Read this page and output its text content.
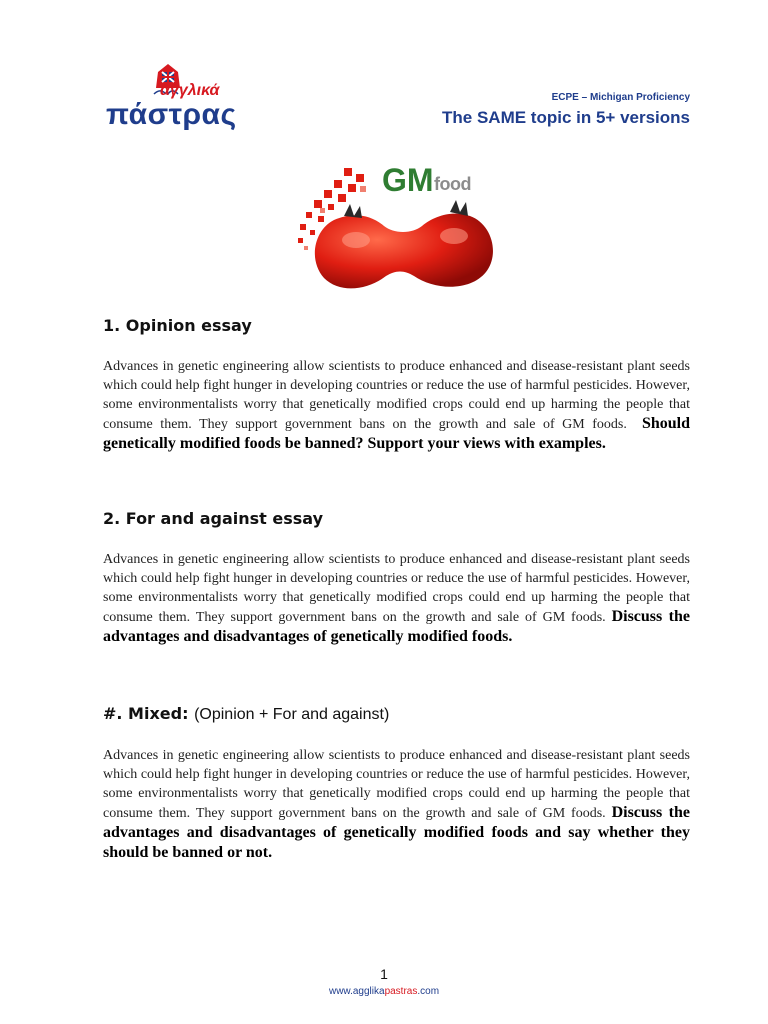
αγγλικά
πάστρας
ECPE – Michigan Proficiency
The SAME topic in 5+ versions
GM food
1. Opinion essay

Advances in genetic engineering allow scientists to produce enhanced and disease-resistant plant seeds which could help fight hunger in developing countries or reduce the use of harmful pesticides. However, some environmentalists worry that genetically modified crops could end up harming the people that consume them. They support government bans on the growth and sale of GM foods. Should genetically modified foods be banned? Support your views with examples.

2. For and against essay

Advances in genetic engineering allow scientists to produce enhanced and disease-resistant plant seeds which could help fight hunger in developing countries or reduce the use of harmful pesticides. However, some environmentalists worry that genetically modified crops could end up harming the people that consume them. They support government bans on the growth and sale of GM foods. Discuss the advantages and disadvantages of genetically modified foods.

#. Mixed: (Opinion + For and against)

Advances in genetic engineering allow scientists to produce enhanced and disease-resistant plant seeds which could help fight hunger in developing countries or reduce the use of harmful pesticides. However, some environmentalists worry that genetically modified crops could end up harming the people that consume them. They support government bans on the growth and sale of GM foods. Discuss the advantages and disadvantages of genetically modified foods and say whether they should be banned or not.

1
www.agglikapastras.com
